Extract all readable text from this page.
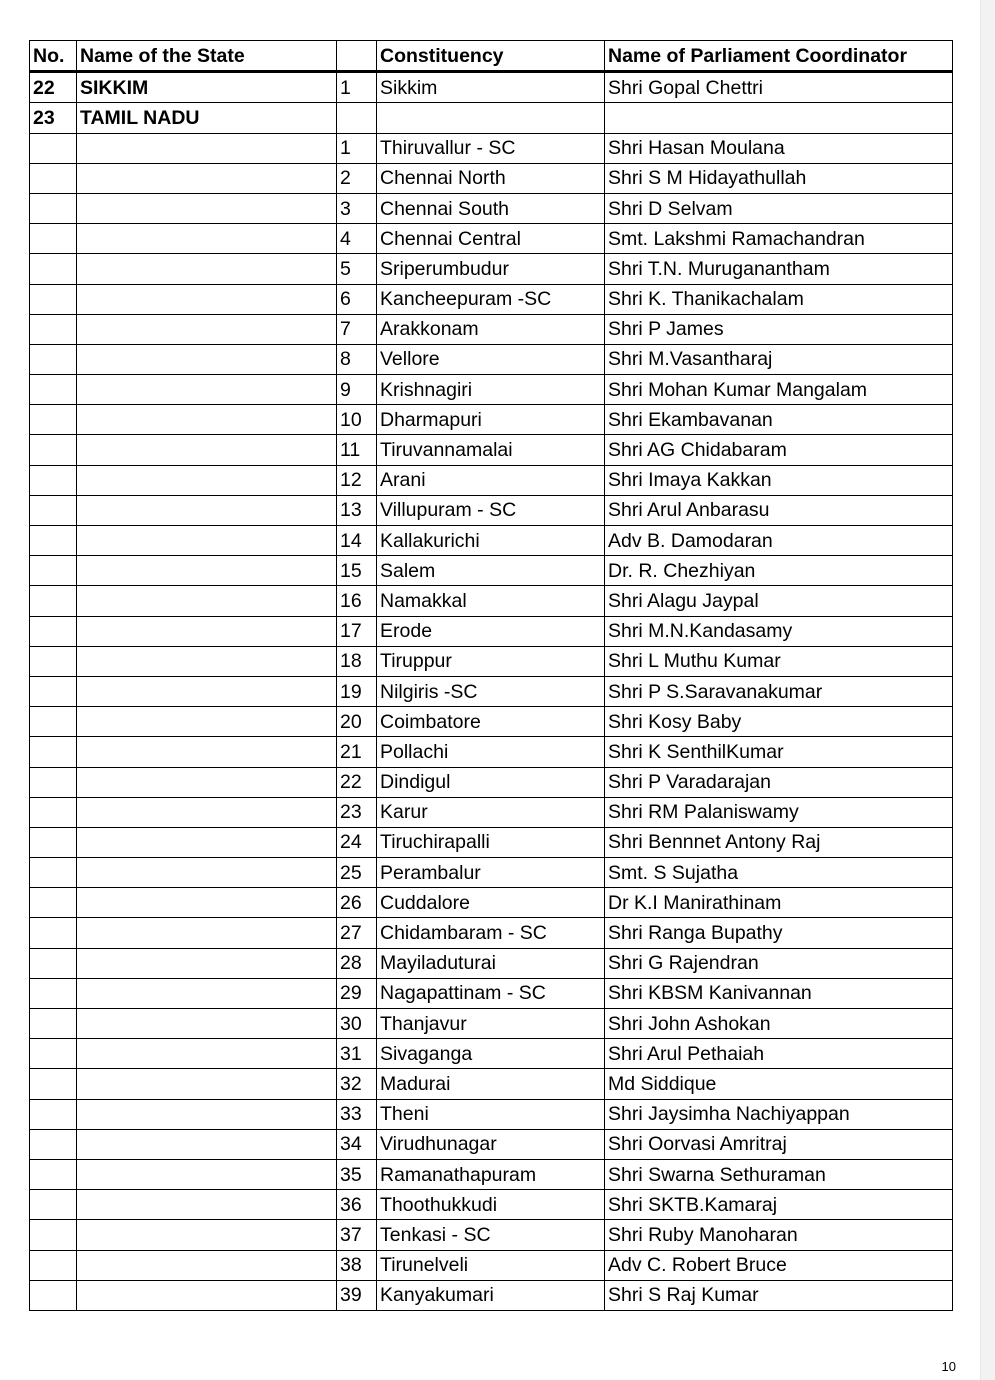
No.	Name of the State		Constituency	Name of Parliament Coordinator
22	SIKKIM	1	Sikkim	Shri Gopal Chettri
23	TAMIL NADU			
		1	Thiruvallur - SC	Shri Hasan Moulana
		2	Chennai North	Shri S M Hidayathullah
		3	Chennai South	Shri D Selvam
		4	Chennai Central	Smt. Lakshmi Ramachandran
		5	Sriperumbudur	Shri T.N. Muruganantham
		6	Kancheepuram -SC	Shri K. Thanikachalam
		7	Arakkonam	Shri P James
		8	Vellore	Shri M.Vasantharaj
		9	Krishnagiri	Shri Mohan Kumar Mangalam
		10	Dharmapuri	Shri Ekambavanan
		11	Tiruvannamalai	Shri AG Chidabaram
		12	Arani	Shri Imaya Kakkan
		13	Villupuram - SC	Shri Arul Anbarasu
		14	Kallakurichi	Adv B. Damodaran
		15	Salem	Dr. R. Chezhiyan
		16	Namakkal	Shri Alagu Jaypal
		17	Erode	Shri M.N.Kandasamy
		18	Tiruppur	Shri L Muthu Kumar
		19	Nilgiris -SC	Shri P S.Saravanakumar
		20	Coimbatore	Shri Kosy Baby
		21	Pollachi	Shri K SenthilKumar
		22	Dindigul	Shri P Varadarajan
		23	Karur	Shri RM Palaniswamy
		24	Tiruchirapalli	Shri Bennnet Antony Raj
		25	Perambalur	Smt. S Sujatha
		26	Cuddalore	Dr K.I Manirathinam
		27	Chidambaram - SC	Shri Ranga Bupathy
		28	Mayiladuturai	Shri G Rajendran
		29	Nagapattinam - SC	Shri KBSM Kanivannan
		30	Thanjavur	Shri John Ashokan
		31	Sivaganga	Shri Arul Pethaiah
		32	Madurai	Md Siddique
		33	Theni	Shri Jaysimha Nachiyappan
		34	Virudhunagar	Shri Oorvasi Amritraj
		35	Ramanathapuram	Shri Swarna Sethuraman
		36	Thoothukkudi	Shri SKTB.Kamaraj
		37	Tenkasi - SC	Shri Ruby Manoharan
		38	Tirunelveli	Adv C. Robert Bruce
		39	Kanyakumari	Shri S Raj Kumar
10
